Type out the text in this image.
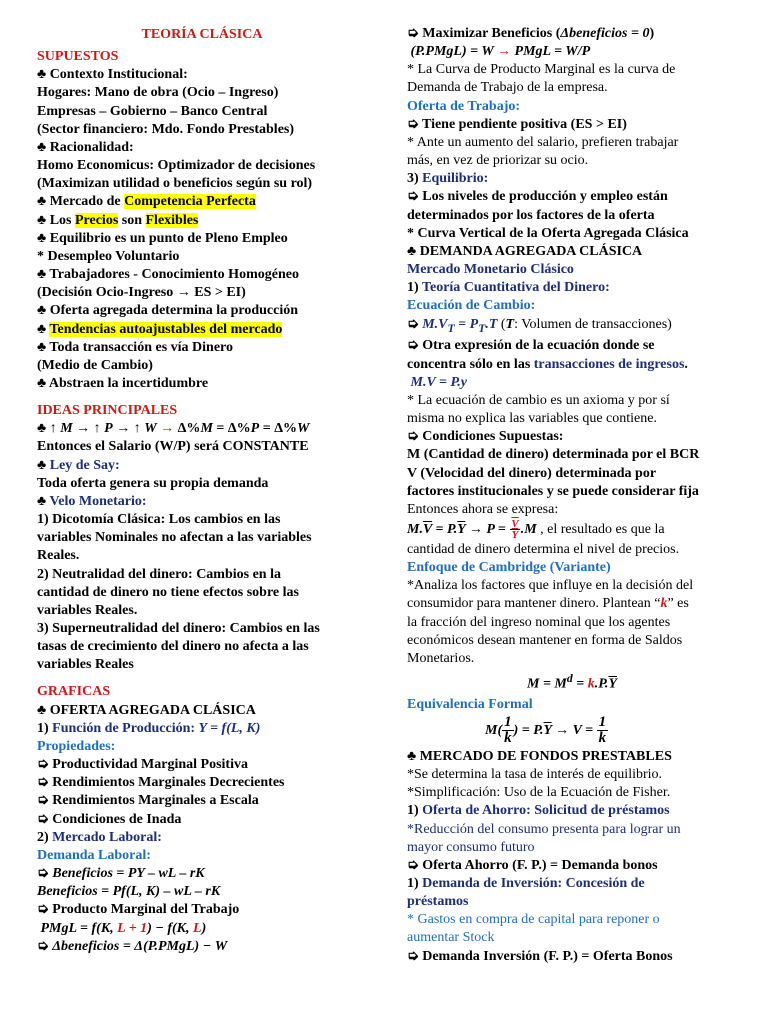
TEORÍA CLÁSICA
SUPUESTOS
♣ Contexto Institucional:
Hogares: Mano de obra (Ocio – Ingreso)
Empresas – Gobierno – Banco Central
(Sector financiero: Mdo. Fondo Prestables)
♣ Racionalidad:
Homo Economicus: Optimizador de decisiones
(Maximizan utilidad o beneficios según su rol)
♣ Mercado de Competencia Perfecta
♣ Los Precios son Flexibles
♣ Equilibrio es un punto de Pleno Empleo
* Desempleo Voluntario
♣ Trabajadores - Conocimiento Homogéneo
(Decisión Ocio-Ingreso → ES > EI)
♣ Oferta agregada determina la producción
♣ Tendencias autoajustables del mercado
♣ Toda transacción es vía Dinero
(Medio de Cambio)
♣ Abstraen la incertidumbre
IDEAS PRINCIPALES
♣ ↑ M → ↑ P → ↑ W → Δ%M = Δ%P = Δ%W
Entonces el Salario (W/P) será CONSTANTE
♣ Ley de Say:
Toda oferta genera su propia demanda
♣ Velo Monetario:
1) Dicotomía Clásica: Los cambios en las
variables Nominales no afectan a las variables
Reales.
2) Neutralidad del dinero: Cambios en la
cantidad de dinero no tiene efectos sobre las
variables Reales.
3) Superneutralidad del dinero: Cambios en las
tasas de crecimiento del dinero no afecta a las
variables Reales
GRAFICAS
♣ OFERTA AGREGADA CLÁSICA
1) Función de Producción: Y = f(L, K)
Propiedades:
➭ Productividad Marginal Positiva
➭ Rendimientos Marginales Decrecientes
➭ Rendimientos Marginales a Escala
➭ Condiciones de Inada
2) Mercado Laboral:
Demanda Laboral:
➭ Beneficios = PY – wL – rK
Beneficios = Pf(L, K) – wL – rK
➭ Producto Marginal del Trabajo
PMgL = f(K, L + 1) − f(K, L)
➭ Δbeneficios = Δ(P.PMgL) − W
➭ Maximizar Beneficios (Δbeneficios = 0)
(P.PMgL) = W → PMgL = W/P
* La Curva de Producto Marginal es la curva de
Demanda de Trabajo de la empresa.
Oferta de Trabajo:
➭ Tiene pendiente positiva (ES > EI)
* Ante un aumento del salario, prefieren trabajar
más, en vez de priorizar su ocio.
3) Equilibrio:
➭ Los niveles de producción y empleo están
determinados por los factores de la oferta
* Curva Vertical de la Oferta Agregada Clásica
♣ DEMANDA AGREGADA CLÁSICA
Mercado Monetario Clásico
1) Teoría Cuantitativa del Dinero:
Ecuación de Cambio:
➭ $M.V_T = P_T.T$ (T: Volumen de transacciones)
➭ Otra expresión de la ecuación donde se
concentra sólo en las transacciones de ingresos.
M.V = P.y
* La ecuación de cambio es un axioma y por sí
misma no explica las variables que contiene.
➭ Condiciones Supuestas:
M (Cantidad de dinero) determinada por el BCR
V (Velocidad del dinero) determinada por
factores institucionales y se puede considerar fija
Entonces ahora se expresa:
$M.\overline{V} = P.\overline{Y} \to P = \frac{\overline{V}}{Y} .M$ , el resultado es que la
cantidad de dinero determina el nivel de precios.
Enfoque de Cambridge (Variante)
*Analiza los factores que influye en la decisión del
consumidor para mantener dinero. Plantean “k” es
la fracción del ingreso nominal que los agentes
económicos desean mantener en forma de Saldos
Monetarios.
$M = M^d = k.P.\overline{Y}$
Equivalencia Formal
$M( \frac{1}{k}$ ) = $P.\overline{Y} \to V = \frac{1}{k}$
♣ MERCADO DE FONDOS PRESTABLES
*Se determina la tasa de interés de equilibrio.
*Simplificación: Uso de la Ecuación de Fisher.
1) Oferta de Ahorro: Solicitud de préstamos
*Reducción del consumo presenta para lograr un
mayor consumo futuro
➭ Oferta Ahorro (F. P.) = Demanda bonos
1) Demanda de Inversión: Concesión de
préstamos
* Gastos en compra de capital para reponer o
aumentar Stock
➭ Demanda Inversión (F. P.) = Oferta Bonos
